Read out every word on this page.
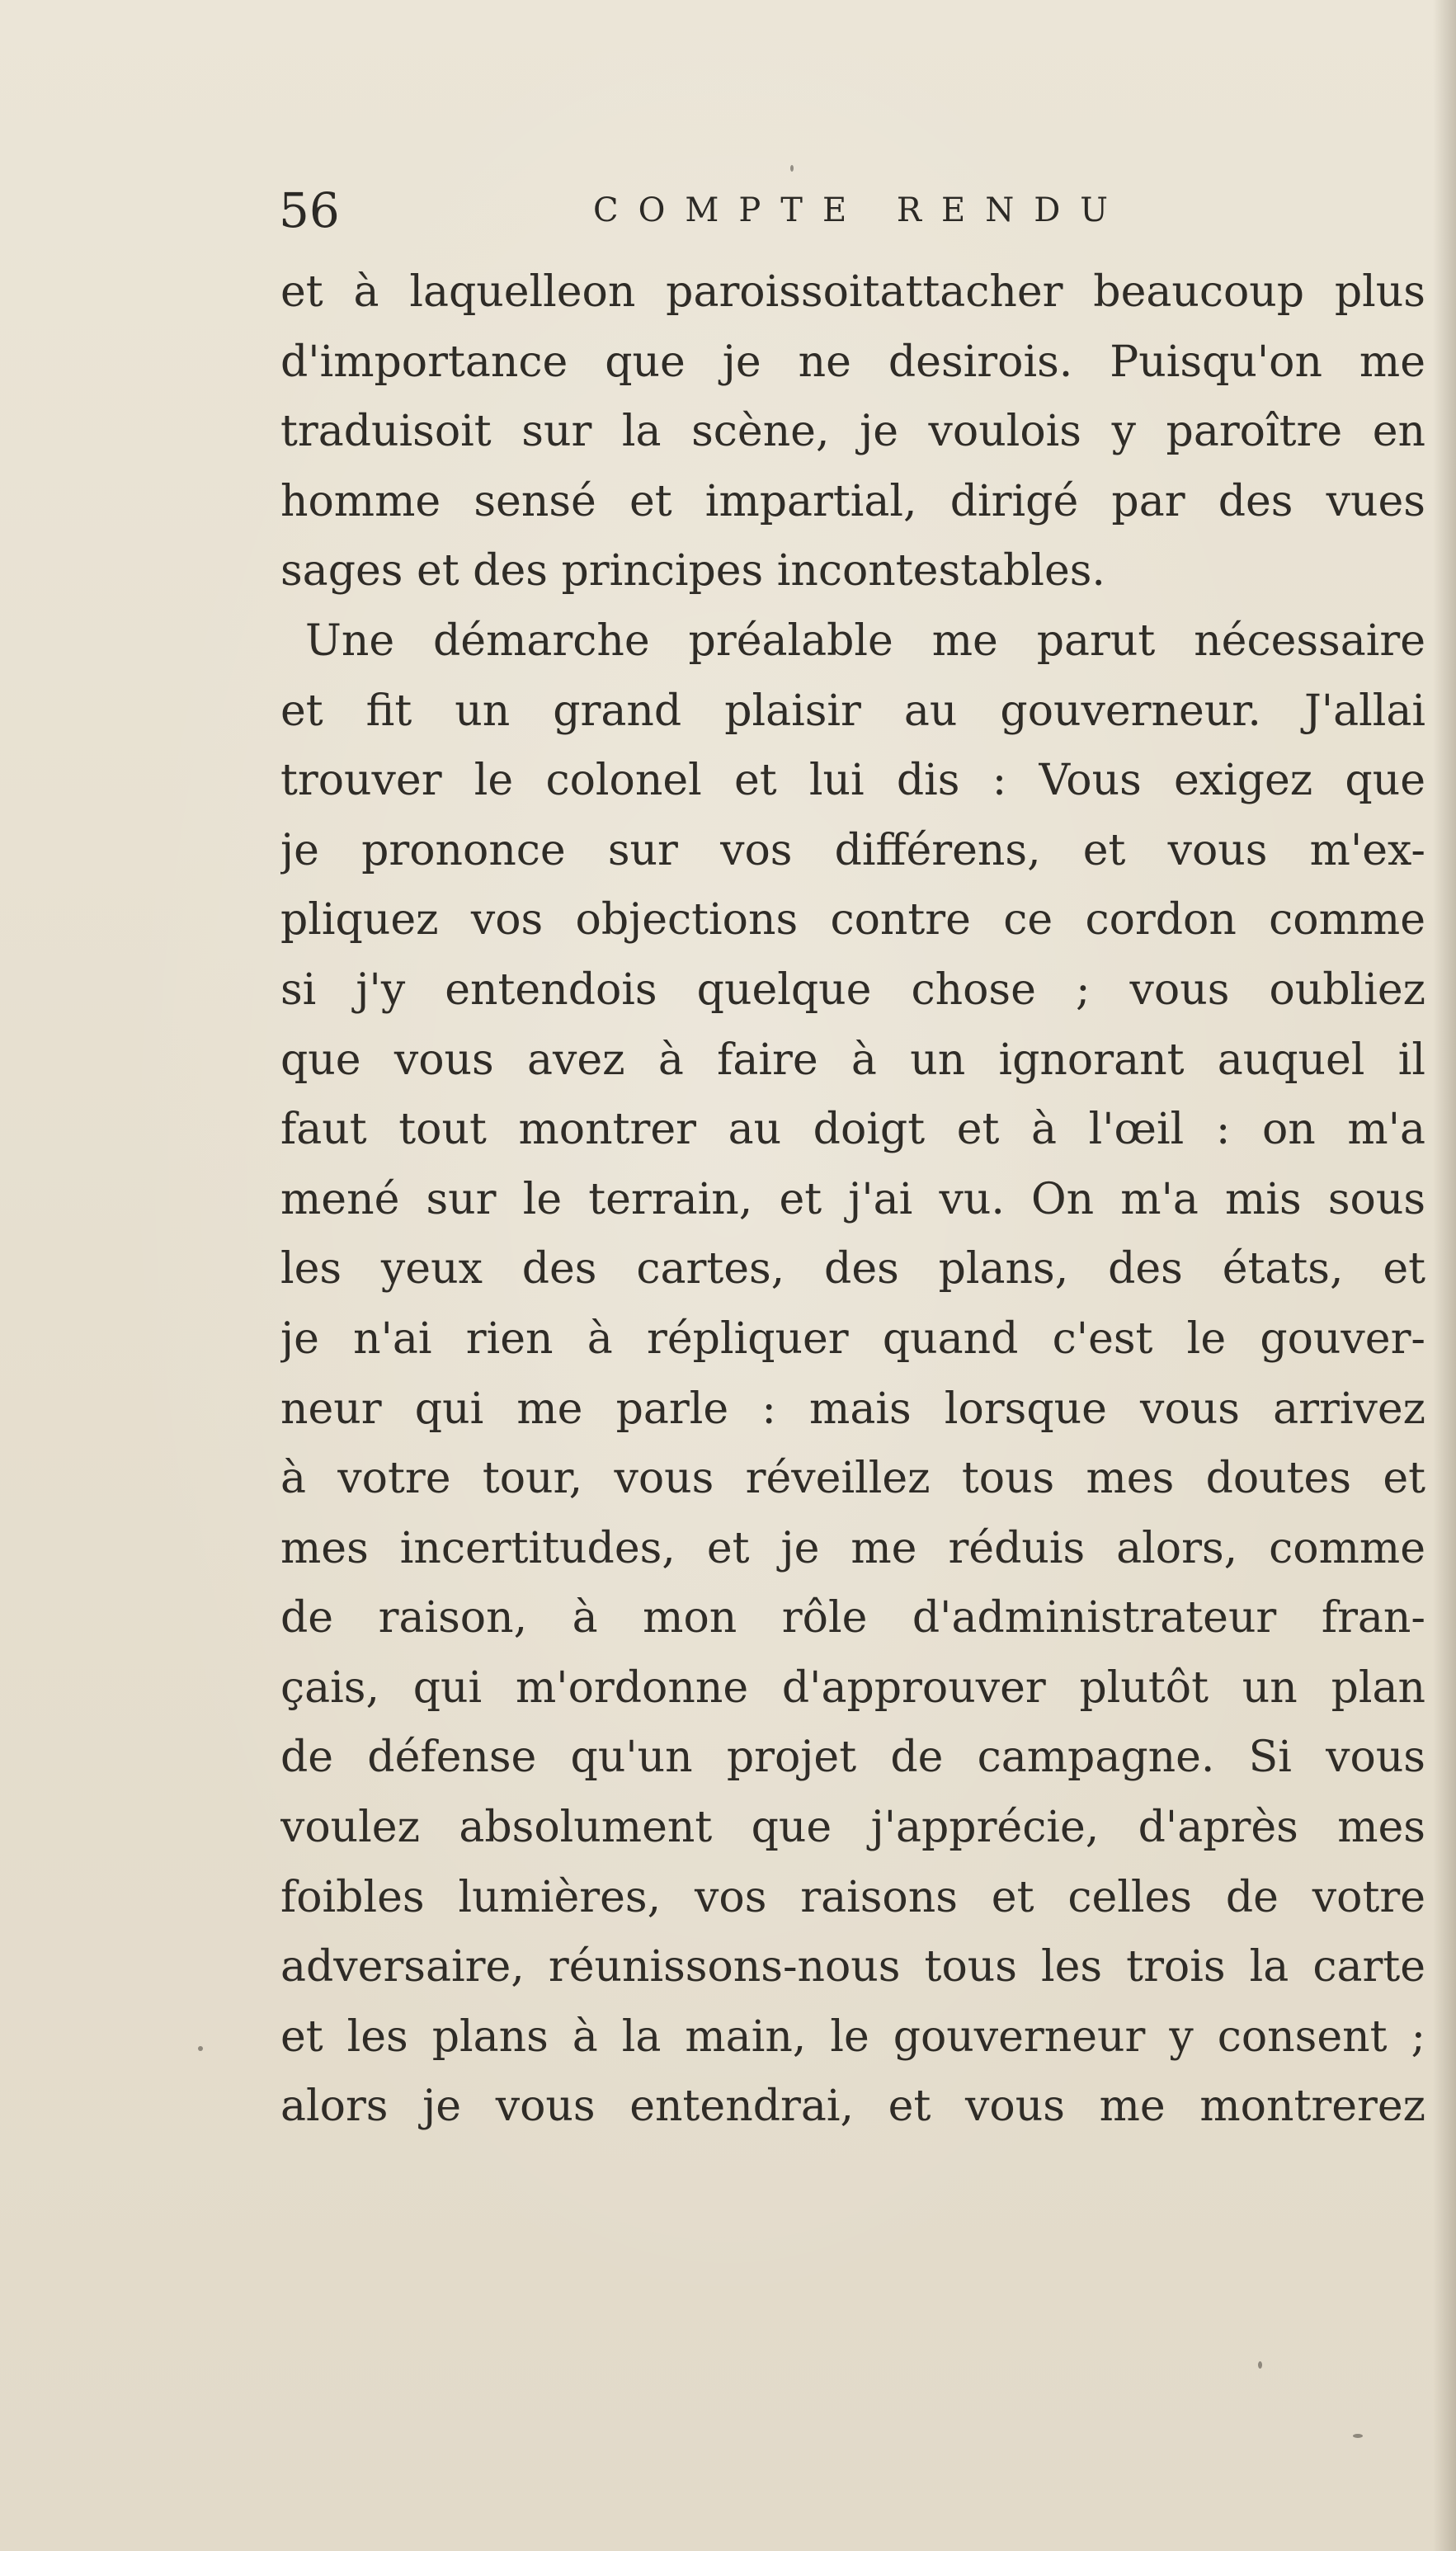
56	COMPTE RENDU
et à laquelleon paroissoitattacher beaucoup plus
d'importance que je ne desirois. Puisqu'on me
traduisoit sur la scène, je voulois y paroître en
homme sensé et impartial, dirigé par des vues
sages et des principes incontestables.
Une démarche préalable me parut nécessaire
et fit un grand plaisir au gouverneur. J'allai
trouver le colonel et lui dis : Vous exigez que
je prononce sur vos différens, et vous m'ex-
pliquez vos objections contre ce cordon comme
si j'y entendois quelque chose ; vous oubliez
que vous avez à faire à un ignorant auquel il
faut tout montrer au doigt et à l'œil : on m'a
mené sur le terrain, et j'ai vu. On m'a mis sous
les yeux des cartes, des plans, des états, et
je n'ai rien à répliquer quand c'est le gouver-
neur qui me parle : mais lorsque vous arrivez
à votre tour, vous réveillez tous mes doutes et
mes incertitudes, et je me réduis alors, comme
de raison, à mon rôle d'administrateur fran-
çais, qui m'ordonne d'approuver plutôt un plan
de défense qu'un projet de campagne. Si vous
voulez absolument que j'apprécie, d'après mes
foibles lumières, vos raisons et celles de votre
adversaire, réunissons-nous tous les trois la carte
et les plans à la main, le gouverneur y consent ;
alors je vous entendrai, et vous me montrerez
